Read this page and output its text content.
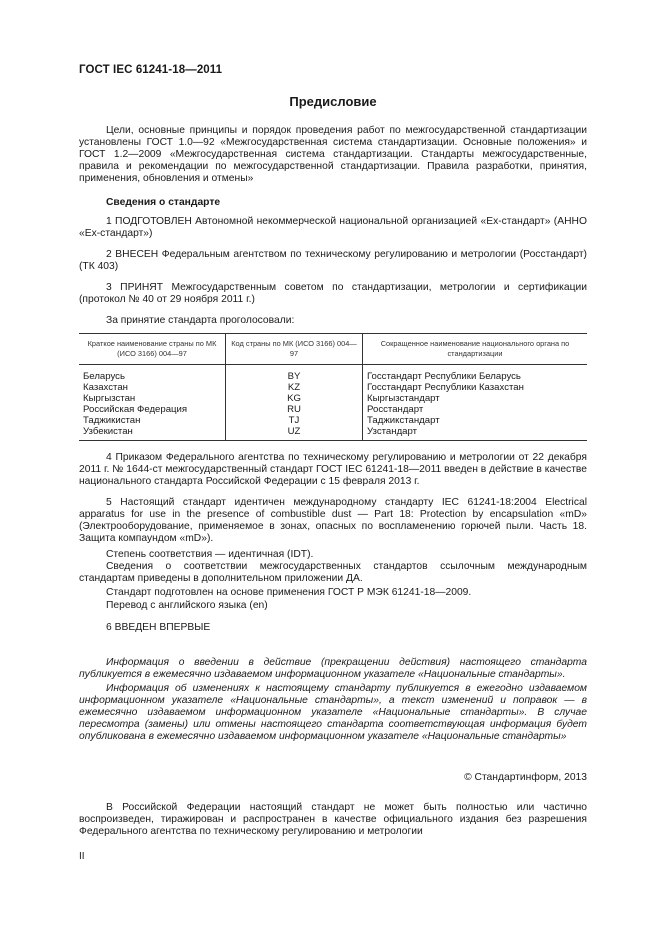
ГОСТ IEC 61241-18—2011
Предисловие
Цели, основные принципы и порядок проведения работ по межгосударственной стандартизации установлены ГОСТ 1.0—92 «Межгосударственная система стандартизации. Основные положения» и ГОСТ 1.2—2009 «Межгосударственная система стандартизации. Стандарты межгосударственные, правила и рекомендации по межгосударственной стандартизации. Правила разработки, принятия, применения, обновления и отмены»
Сведения о стандарте
1 ПОДГОТОВЛЕН Автономной некоммерческой национальной организацией «Ех-стандарт» (АННО «Ех-стандарт»)
2 ВНЕСЕН Федеральным агентством по техническому регулированию и метрологии (Росстандарт) (ТК 403)
3 ПРИНЯТ Межгосударственным советом по стандартизации, метрологии и сертификации (протокол № 40 от 29 ноября 2011 г.)
За принятие стандарта проголосовали:
Краткое наименование страны по МК (ИСО 3166) 004—97	Код страны по МК (ИСО 3166) 004—97	Сокращенное наименование национального органа по стандартизации
Беларусь	BY	Госстандарт Республики Беларусь
Казахстан	KZ	Госстандарт Республики Казахстан
Кыргызстан	KG	Кыргызстандарт
Российская Федерация	RU	Росстандарт
Таджикистан	TJ	Таджикстандарт
Узбекистан	UZ	Узстандарт
4 Приказом Федерального агентства по техническому регулированию и метрологии от 22 декабря 2011 г. № 1644-ст межгосударственный стандарт ГОСТ IEC 61241-18—2011 введен в действие в качестве национального стандарта Российской Федерации с 15 февраля 2013 г.
5 Настоящий стандарт идентичен международному стандарту IEC 61241-18:2004 Electrical apparatus for use in the presence of combustible dust — Part 18: Protection by encapsulation «mD» (Электрооборудование, применяемое в зонах, опасных по воспламенению горючей пыли. Часть 18. Защита компаундом «mD»).
Степень соответствия — идентичная (IDT).
Сведения о соответствии межгосударственных стандартов ссылочным международным стандартам приведены в дополнительном приложении ДА.
Стандарт подготовлен на основе применения ГОСТ Р МЭК 61241-18—2009.
Перевод с английского языка (en)
6 ВВЕДЕН ВПЕРВЫЕ
Информация о введении в действие (прекращении действия) настоящего стандарта публикуется в ежемесячно издаваемом информационном указателе «Национальные стандарты».
Информация об изменениях к настоящему стандарту публикуется в ежегодно издаваемом информационном указателе «Национальные стандарты», а текст изменений и поправок — в ежемесячно издаваемом информационном указателе «Национальные стандарты». В случае пересмотра (замены) или отмены настоящего стандарта соответствующая информация будет опубликована в ежемесячно издаваемом информационном указателе «Национальные стандарты»
© Стандартинформ, 2013
В Российской Федерации настоящий стандарт не может быть полностью или частично воспроизведен, тиражирован и распространен в качестве официального издания без разрешения Федерального агентства по техническому регулированию и метрологии
II
